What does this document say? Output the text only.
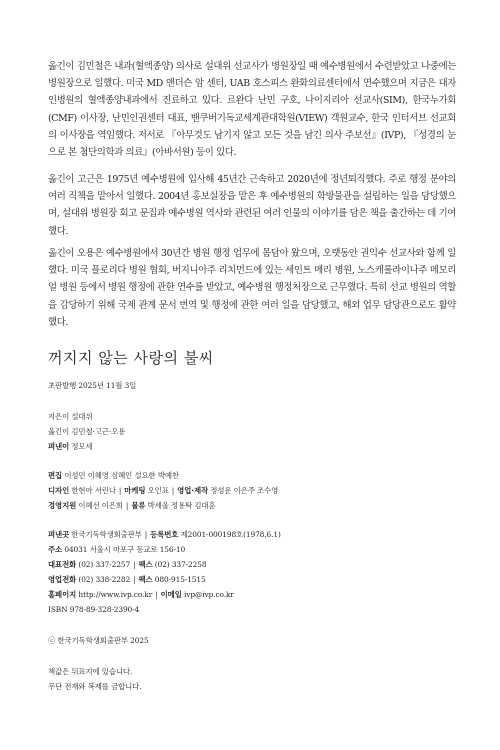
옮긴이 김민철은 내과(혈액종양) 의사로 설대위 선교사가 병원장일 때 예수병원에서 수련받았고 나중에는 병원장으로 일했다. 미국 MD 앤더슨 암 센터, UAB 호스피스 완화의료센터에서 연수했으며 지금은 대자인병원의 혈액종양내과에서 진료하고 있다. 르완다 난민 구호, 나이지리아 선교사(SIM), 한국누가회(CMF) 이사장, 난민인권센터 대표, 밴쿠버기독교세계관대학원(VIEW) 객원교수, 한국 인터서브 선교회의 이사장을 역임했다. 저서로 『아무것도 남기지 않고 모든 것을 남긴 의사 주보선』(IVP), 『성경의 눈으로 본 첨단의학과 의료』(아바서원) 등이 있다.

옮긴이 고근은 1975년 예수병원에 입사해 45년간 근속하고 2020년에 정년퇴직했다. 주로 행정 분야의 여러 직책을 맡아서 일했다. 2004년 홍보실장을 맡은 후 예수병원의 학방물관을 설립하는 일을 담당했으며, 설대위 병원장 회고 문집과 예수병원 역사와 관련된 여러 인물의 이야기를 담은 책을 출간하는 데 기여했다.

옮긴이 오용은 예수병원에서 30년간 병원 행정 업무에 몸담아 왔으며, 오랫동안 권익수 선교사와 함께 일했다. 미국 플로리다 병원 협회, 버지니아주 리치먼드에 있는 세인트 메리 병원, 노스캐롤라이나주 메모리얼 병원 등에서 병원 행정에 관한 연수를 받았고, 예수병원 행정처장으로 근무했다. 특히 선교 병원의 역할을 감당하기 위해 국제 관계 문서 번역 및 행정에 관한 여러 일을 담당했고, 해외 업무 담당관으로도 활약했다.

꺼지지 않는 사랑의 불씨

초판발행 2025년 11월 3일

지은이 설대위

옮긴이 김민철·고근·오용

펴낸이 정모세

편집 이성민 이혜영 심혜인 설요한 박예찬

디자인 한현아 서린나 | 마케팅 오인표 | 영업·제작 정성운 이은주 조수영

경영지원 이혜선 이은희 | 물류 박세울 정용탁 김대훈

펴낸곳 한국기독학생회출판부 | 등록번호 제2001-000198호(1978.6.1)

주소 04031 서울시 마포구 동교로 156-10

대표전화 (02) 337-2257 | 팩스 (02) 337-2258

영업전화 (02) 338-2282 | 팩스 080-915-1515

홈페이지 http://www.ivp.co.kr | 이메일 ivp@ivp.co.kr

ISBN 978-89-328-2390-4

ⓒ 한국기독학생회출판부 2025

책값은 뒤표지에 있습니다.

무단 전재와 복제를 금합니다.
